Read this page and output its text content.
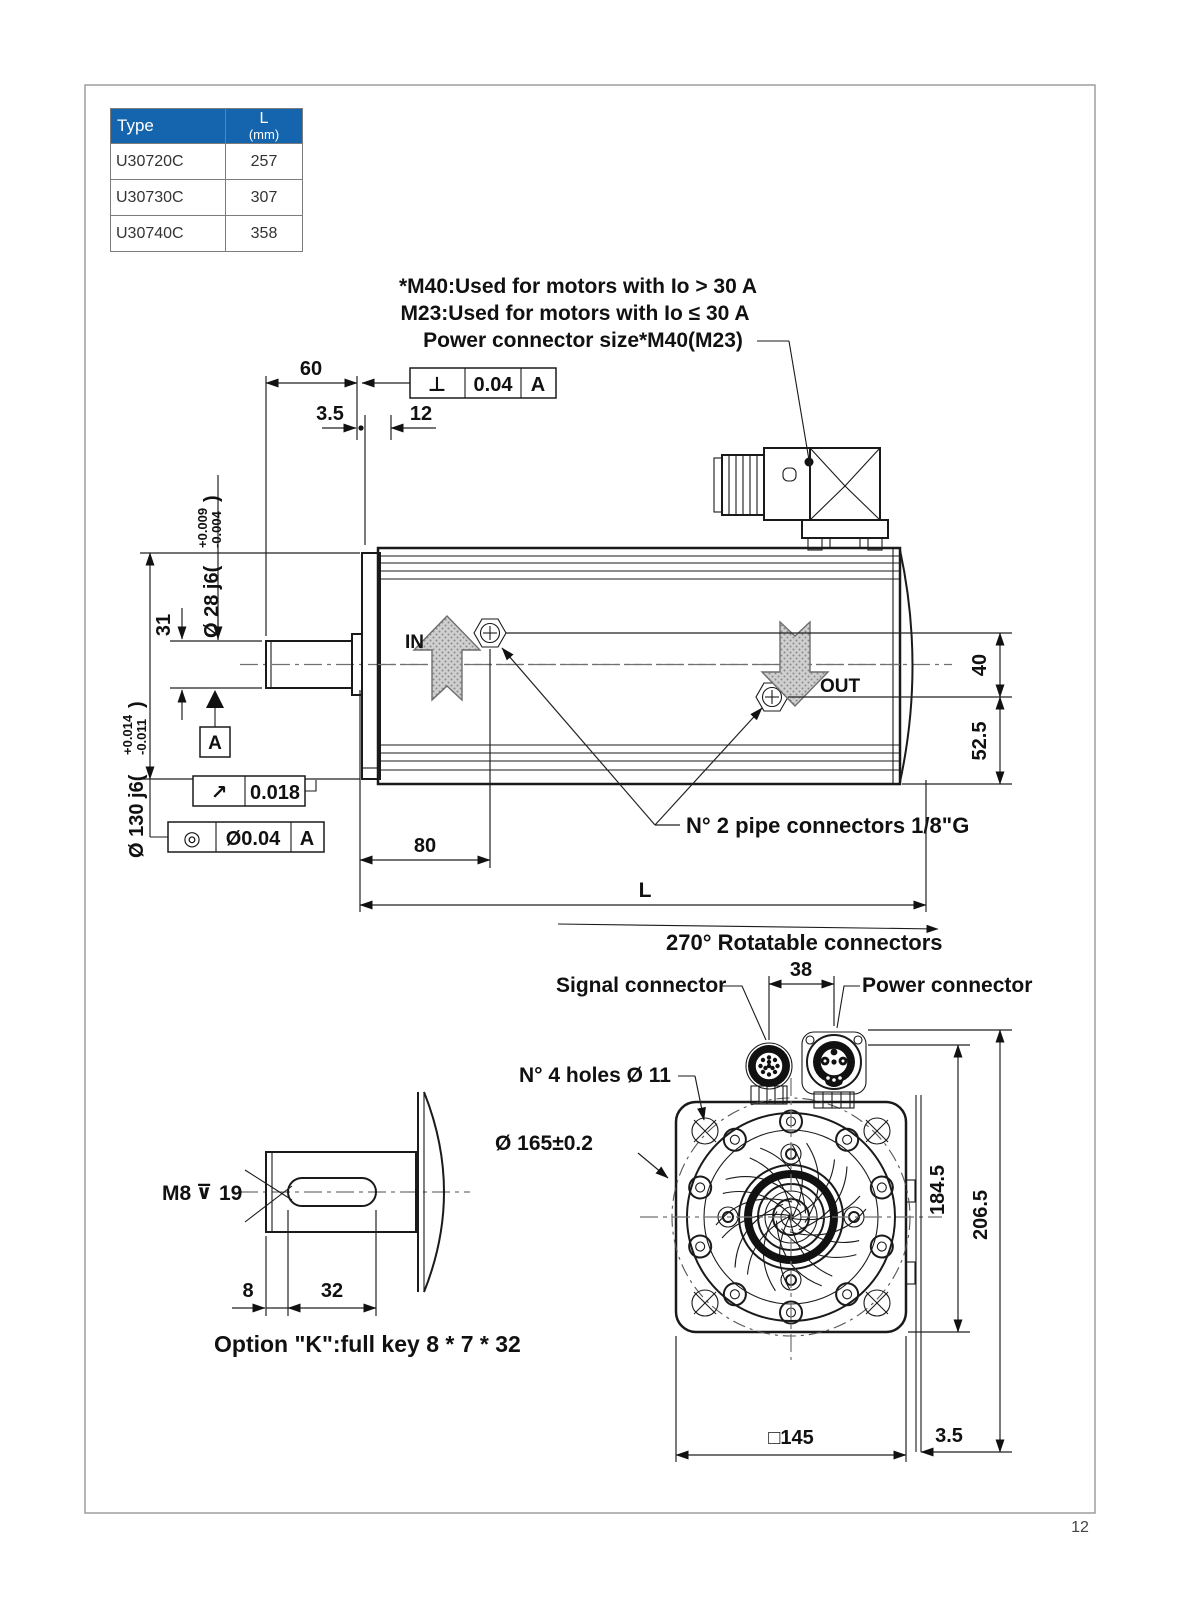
12
*M40:Used for motors with Io > 30 A
M23:Used for motors with Io ≤ 30 A
Power connector size*M40(M23)
IN
OUT
N° 2 pipe connectors 1/8"G
60
3.5	12
⊥ 0.04 A
Ø 28 j6(
+0.009 -0.004
)
31
A
Ø 130 j6(
+0.014 -0.011
)
↗ 0.018
◎ Ø0.04 A
40
52.5
80
L
M8 ⊽ 19
8	32
Option "K":full key 8 * 7 * 32
270° Rotatable connectors
Signal connector	Power connector
38
N° 4 holes Ø 11
Ø 165±0.2
184.5 206.5
3.5
□145
Type	L
(mm)

U30720C	257
U30730C	307
U30740C	358
